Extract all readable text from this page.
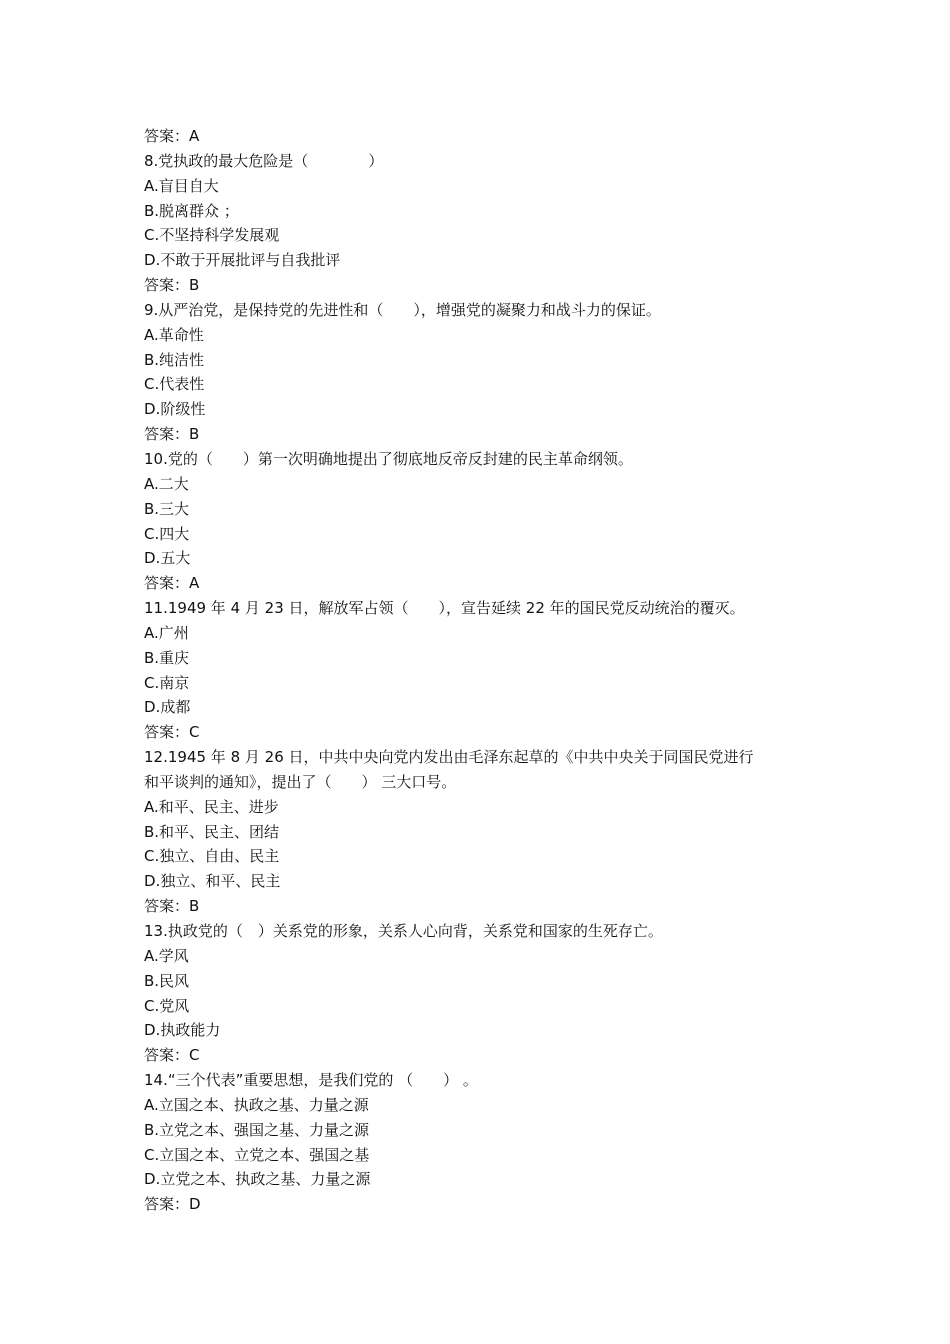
答案：A
8.党执政的最大危险是（　　　　）
A.盲目自大
B.脱离群众 ；
C.不坚持科学发展观
D.不敢于开展批评与自我批评
答案：B
9.从严治党，是保持党的先进性和（　　），增强党的凝聚力和战斗力的保证。
A.革命性
B.纯洁性
C.代表性
D.阶级性
答案：B
10.党的（　　）第一次明确地提出了彻底地反帝反封建的民主革命纲领。
A.二大
B.三大
C.四大
D.五大
答案：A
11.1949 年 4 月 23 日，解放军占领（　　），宣告延续 22 年的国民党反动统治的覆灭。
A.广州
B.重庆
C.南京
D.成都
答案：C
12.1945 年 8 月 26 日，中共中央向党内发出由毛泽东起草的《中共中央关于同国民党进行
和平谈判的通知》，提出了（　　） 三大口号。
A.和平、民主、进步
B.和平、民主、团结
C.独立、自由、民主
D.独立、和平、民主
答案：B
13.执政党的（　）关系党的形象，关系人心向背，关系党和国家的生死存亡。
A.学风
B.民风
C.党风
D.执政能力
答案：C
14.“三个代表”重要思想，是我们党的 （　　） 。
A.立国之本、执政之基、力量之源
B.立党之本、强国之基、力量之源
C.立国之本、立党之本、强国之基
D.立党之本、执政之基、力量之源
答案：D
